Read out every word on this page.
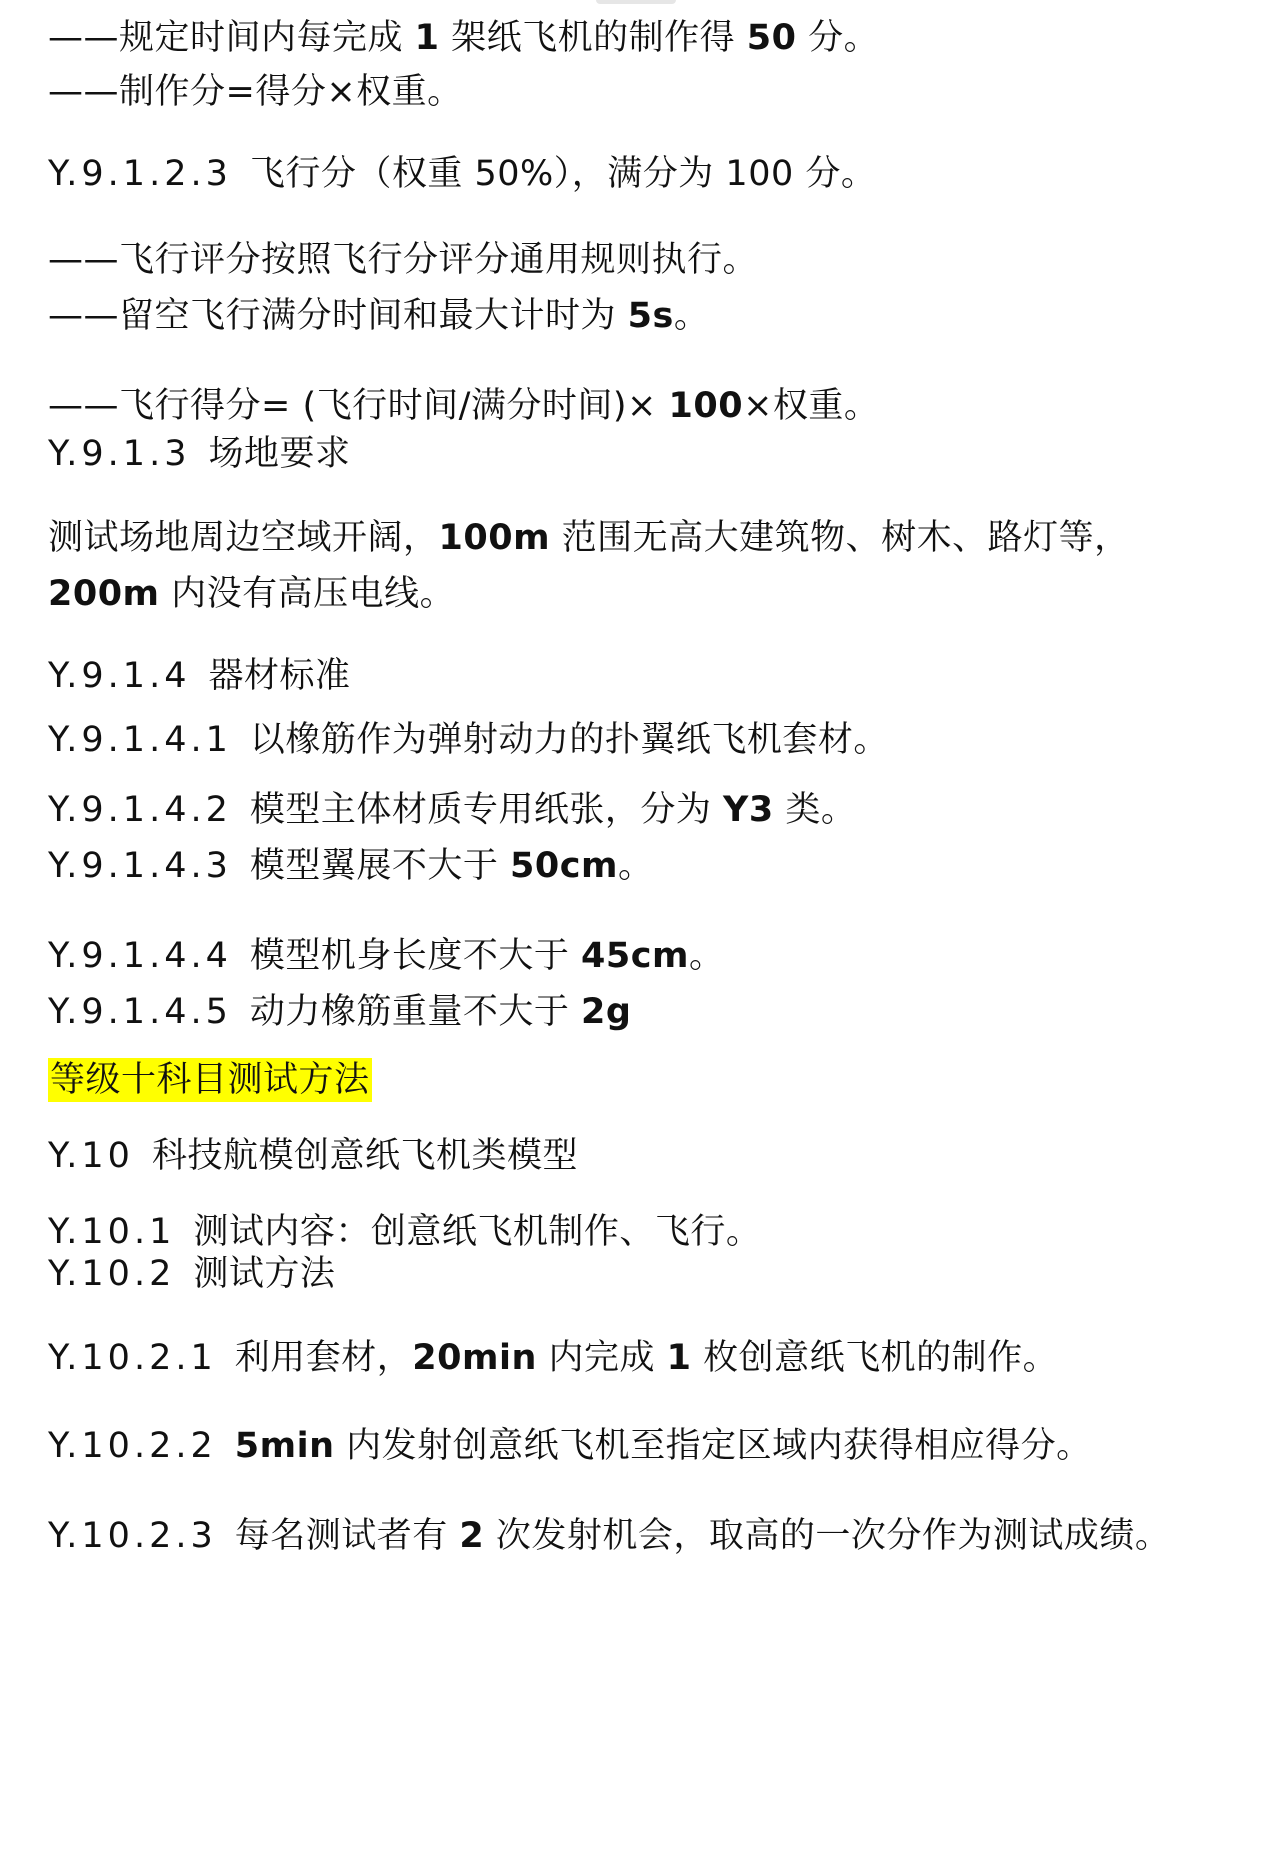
——规定时间内每完成 1 架纸飞机的制作得 50 分。
——制作分=得分×权重。
Y.9.1.2.3 飞行分（权重 50%），满分为 100 分。
——飞行评分按照飞行分评分通用规则执行。
——留空飞行满分时间和最大计时为 5s。
——飞行得分= (飞行时间/满分时间)× 100×权重。
Y.9.1.3 场地要求
测试场地周边空域开阔，100m 范围无高大建筑物、树木、路灯等，
200m 内没有高压电线。
Y.9.1.4 器材标准
Y.9.1.4.1 以橡筋作为弹射动力的扑翼纸飞机套材。
Y.9.1.4.2 模型主体材质专用纸张，分为 Y3 类。
Y.9.1.4.3 模型翼展不大于 50cm。
Y.9.1.4.4 模型机身长度不大于 45cm。
Y.9.1.4.5 动力橡筋重量不大于 2g
等级十科目测试方法
Y.10 科技航模创意纸飞机类模型
Y.10.1 测试内容：创意纸飞机制作、飞行。
Y.10.2 测试方法
Y.10.2.1 利用套材，20min 内完成 1 枚创意纸飞机的制作。
Y.10.2.2 5min 内发射创意纸飞机至指定区域内获得相应得分。
Y.10.2.3 每名测试者有 2 次发射机会，取高的一次分作为测试成绩。
